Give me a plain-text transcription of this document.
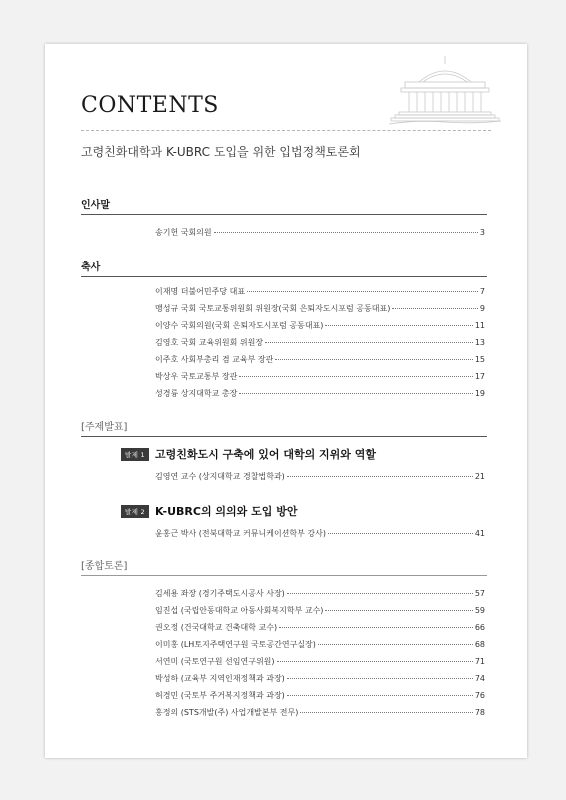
CONTENTS
고령친화대학과 K-UBRC 도입을 위한 입법정책토론회
인사말
송기헌 국회의원	3
축사
이재명 더불어민주당 대표	7
맹성규 국회 국토교통위원회 위원장(국회 은퇴자도시포럼 공동대표)	9
이양수 국회의원(국회 은퇴자도시포럼 공동대표)	11
김영호 국회 교육위원회 위원장	13
이주호 사회부총리 겸 교육부 장관	15
박상우 국토교통부 장관	17
성경륭 상지대학교 총장	19
[주제발표]
발제 1 고령친화도시 구축에 있어 대학의 지위와 역할
김영연 교수 (상지대학교 경찰법학과)	21
발제 2 K-UBRC의 의의와 도입 방안
윤홍근 박사 (전북대학교 커뮤니케이션학부 강사)	41
[종합토론]
김세용 좌장 (경기주택도시공사 사장)	57
임진섭 (국립안동대학교 아동사회복지학부 교수)	59
권오정 (건국대학교 건축대학 교수)	66
이미홍 (LH토지주택연구원 국토공간연구실장)	68
서연미 (국토연구원 선임연구위원)	71
박성하 (교육부 지역인재정책과 과장)	74
허경민 (국토부 주거복지정책과 과장)	76
홍정의 (STS개발(주) 사업개발본부 전무)	78
